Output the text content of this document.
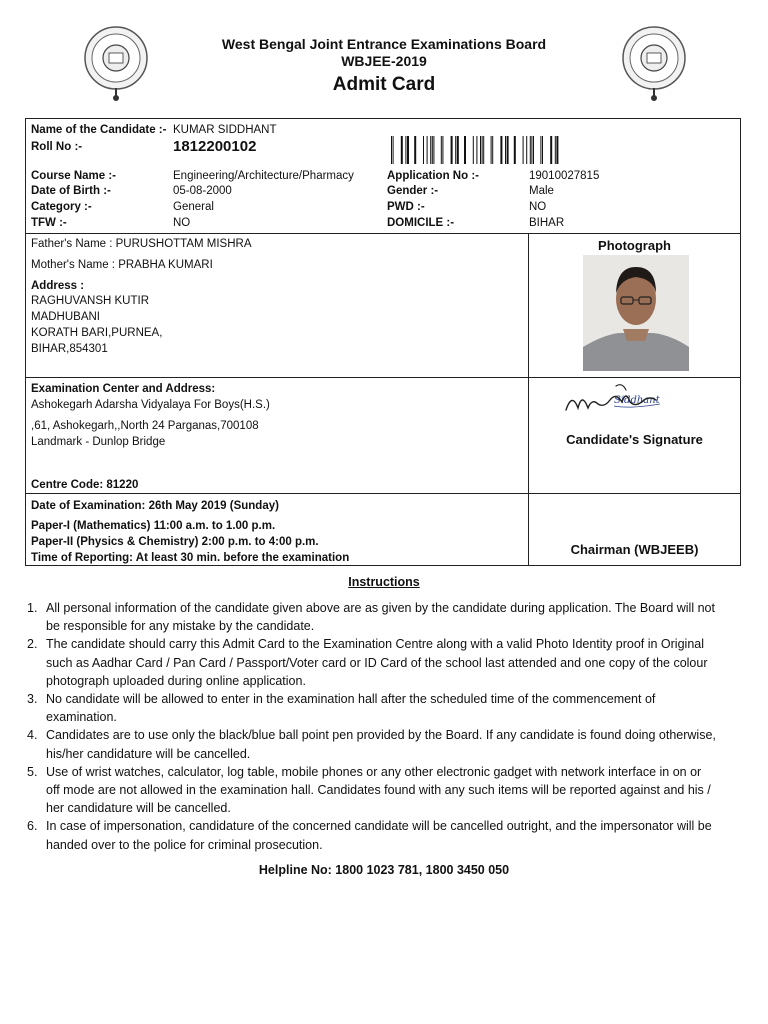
West Bengal Joint Entrance Examinations Board
WBJEE-2019
Admit Card
Name of the Candidate :- KUMAR SIDDHANT
Roll No :-	1812200102
Course Name :-	Engineering/Architecture/Pharmacy
Date of Birth :-	05-08-2000
Category :-	General
TFW :-	NO
Application No :-	19010027815
Gender :-	Male
PWD :-	NO
DOMICILE :-	BIHAR
Father's Name : PURUSHOTTAM MISHRA
Mother's Name : PRABHA KUMARI
Address :
RAGHUVANSH KUTIR
MADHUBANI
KORATH BARI,PURNEA,
BIHAR,854301
Photograph
Examination Center and Address:
Ashokegarh Adarsha Vidyalaya For Boys(H.S.)
,61, Ashokegarh,,North 24 Parganas,700108
Landmark - Dunlop Bridge
Centre Code: 81220
Siddhant
Candidate's Signature
Date of Examination: 26th May 2019 (Sunday)
Paper-I (Mathematics) 11:00 a.m. to 1.00 p.m.
Paper-II (Physics & Chemistry) 2:00 p.m. to 4:00 p.m.
Time of Reporting: At least 30 min. before the examination
Chairman (WBJEEB)
Instructions
1. All personal information of the candidate given above are as given by the candidate during application. The Board will not
be responsible for any mistake by the candidate.
2. The candidate should carry this Admit Card to the Examination Centre along with a valid Photo Identity proof in Original
such as Aadhar Card / Pan Card / Passport/Voter card or ID Card of the school last attended and one copy of the colour
photograph uploaded during online application.
3. No candidate will be allowed to enter in the examination hall after the scheduled time of the commencement of
examination.
4. Candidates are to use only the black/blue ball point pen provided by the Board. If any candidate is found doing otherwise,
his/her candidature will be cancelled.
5. Use of wrist watches, calculator, log table, mobile phones or any other electronic gadget with network interface in on or
off mode are not allowed in the examination hall. Candidates found with any such items will be reported against and his /
her candidature will be cancelled.
6. In case of impersonation, candidature of the concerned candidate will be cancelled outright, and the impersonator will be
handed over to the police for criminal prosecution.
Helpline No: 1800 1023 781, 1800 3450 050
